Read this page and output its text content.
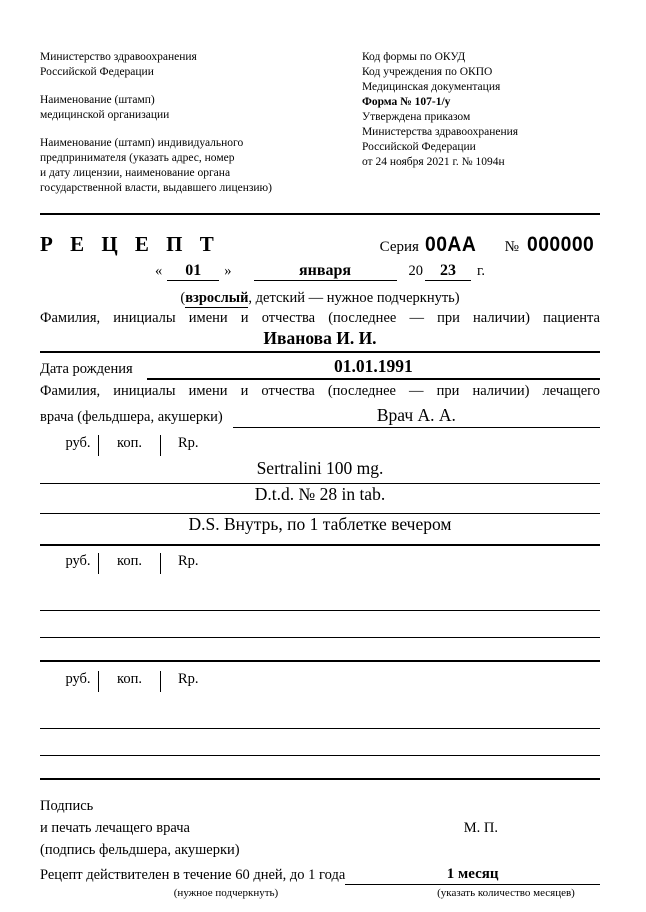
Министерство здравоохранения
Российской Федерации
Наименование (штамп)
медицинской организации
Наименование (штамп) индивидуального
предпринимателя (указать адрес, номер
и дату лицензии, наименование органа
государственной власти, выдавшего лицензию)
Код формы по ОКУД
Код учреждения по ОКПО
Медицинская документация
Форма № 107-1/у
Утверждена приказом
Министерства здравоохранения
Российской Федерации
от 24 ноября 2021 г. № 1094н
Р Е Ц Е П Т	Серия 00AA № 000000
«	01	»	января	20	23	г.
(взрослый, детский — нужное подчеркнуть)
Фамилия, инициалы имени и отчества (последнее — при наличии) пациента
Иванова И. И.
Дата рождения	01.01.1991
Фамилия, инициалы имени и отчества (последнее — при наличии) лечащего
врача (фельдшера, акушерки)	Врач А. А.
руб.	коп.	Rp.
Sertralini 100 mg.
D.t.d. № 28 in tab.
D.S. Внутрь, по 1 таблетке вечером
руб.	коп.	Rp.
руб.	коп.	Rp.
Подпись
и печать лечащего врача	М. П.
(подпись фельдшера, акушерки)
Рецепт действителен в течение 60 дней, до 1 года	1 месяц
(нужное подчеркнуть)	(указать количество месяцев)
